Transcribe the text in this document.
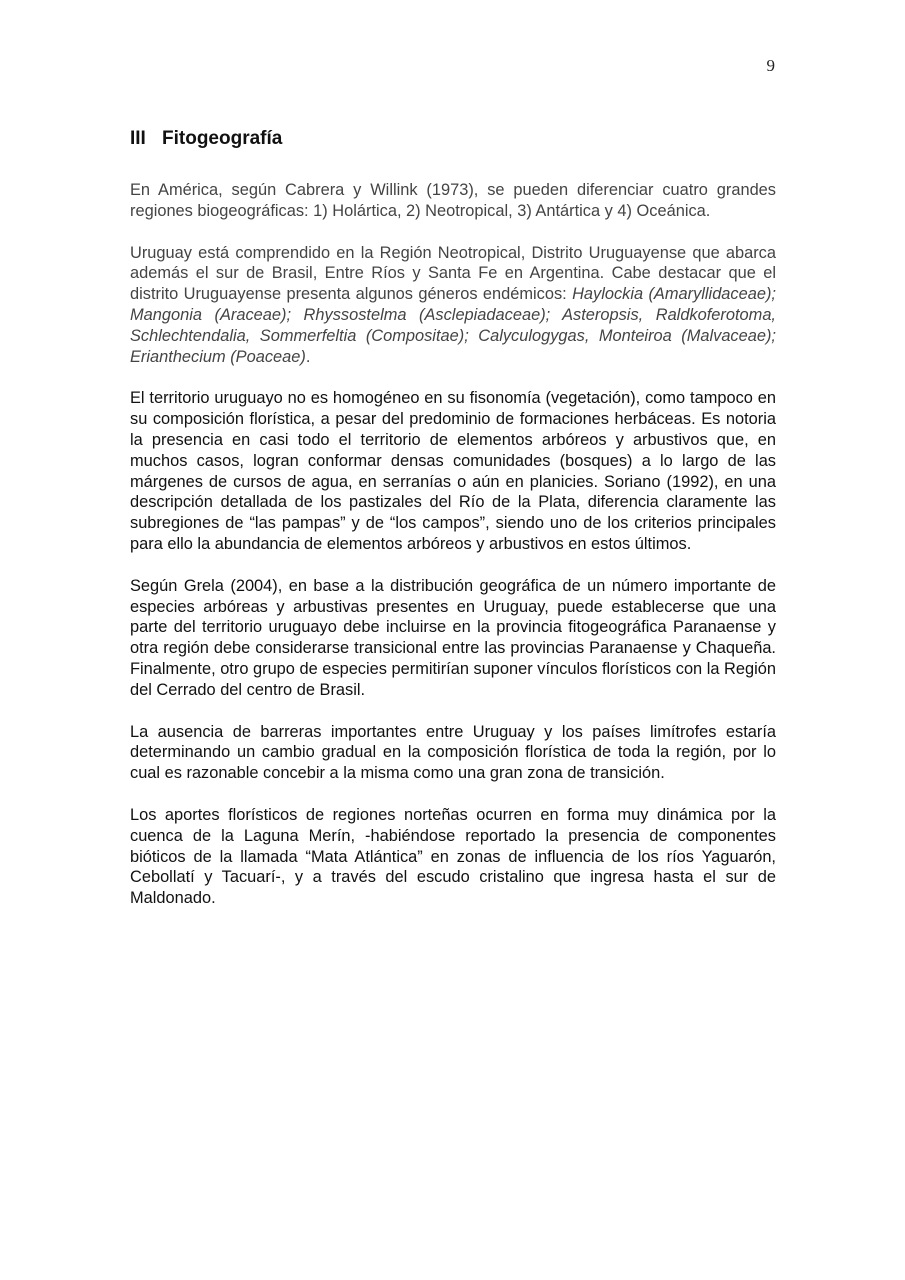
9
III Fitogeografía

En América, según Cabrera y Willink (1973), se pueden diferenciar cuatro grandes regiones biogeográficas: 1) Holártica, 2) Neotropical, 3) Antártica y 4) Oceánica.

Uruguay está comprendido en la Región Neotropical, Distrito Uruguayense que abarca además el sur de Brasil, Entre Ríos y Santa Fe en Argentina. Cabe destacar que el distrito Uruguayense presenta algunos géneros endémicos: Haylockia (Amaryllidaceae); Mangonia (Araceae); Rhyssostelma (Asclepiadaceae); Asteropsis, Raldkoferotoma, Schlechtendalia, Sommerfeltia (Compositae); Calyculogygas, Monteiroa (Malvaceae); Erianthecium (Poaceae).

El territorio uruguayo no es homogéneo en su fisonomía (vegetación), como tampoco en su composición florística, a pesar del predominio de formaciones herbáceas. Es notoria la presencia en casi todo el territorio de elementos arbóreos y arbustivos que, en muchos casos, logran conformar densas comunidades (bosques) a lo largo de las márgenes de cursos de agua, en serranías o aún en planicies. Soriano (1992), en una descripción detallada de los pastizales del Río de la Plata, diferencia claramente las subregiones de “las pampas” y de “los campos”, siendo uno de los criterios principales para ello la abundancia de elementos arbóreos y arbustivos en estos últimos.

Según Grela (2004), en base a la distribución geográfica de un número importante de especies arbóreas y arbustivas presentes en Uruguay, puede establecerse que una parte del territorio uruguayo debe incluirse en la provincia fitogeográfica Paranaense y otra región debe considerarse transicional entre las provincias Paranaense y Chaqueña. Finalmente, otro grupo de especies permitirían suponer vínculos florísticos con la Región del Cerrado del centro de Brasil.

La ausencia de barreras importantes entre Uruguay y los países limítrofes estaría determinando un cambio gradual en la composición florística de toda la región, por lo cual es razonable concebir a la misma como una gran zona de transición.

Los aportes florísticos de regiones norteñas ocurren en forma muy dinámica por la cuenca de la Laguna Merín, -habiéndose reportado la presencia de componentes bióticos de la llamada “Mata Atlántica” en zonas de influencia de los ríos Yaguarón, Cebollatí y Tacuarí-, y a través del escudo cristalino que ingresa hasta el sur de Maldonado.
